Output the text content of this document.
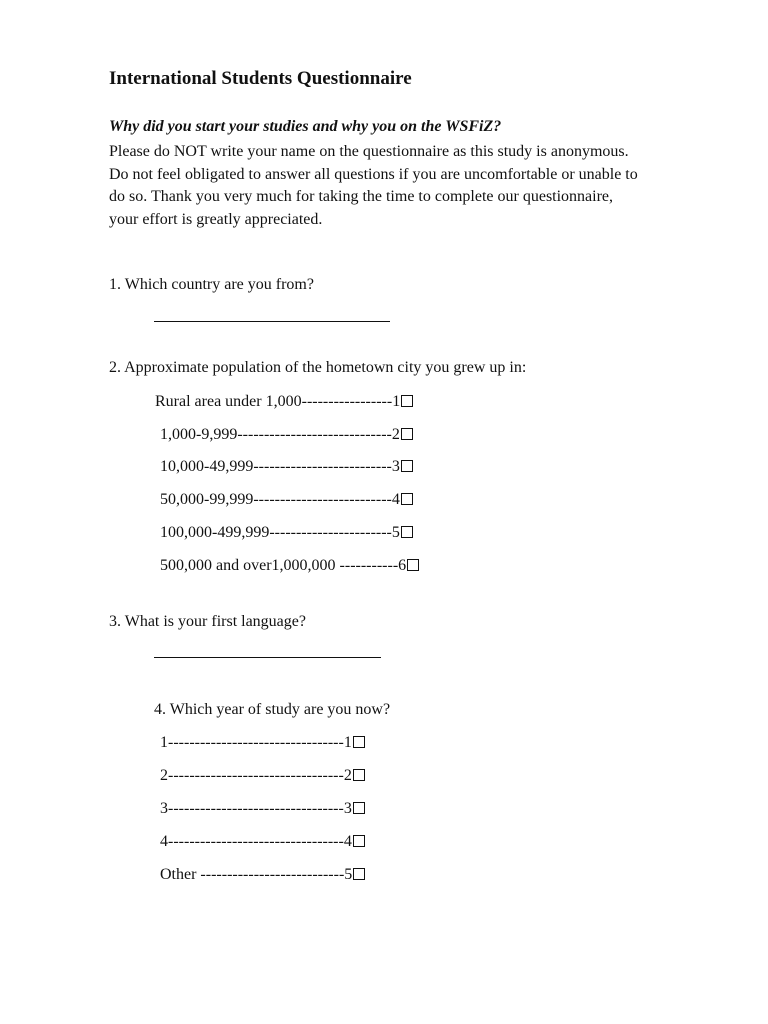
International Students Questionnaire
Why did you start your studies and why you on the WSFiZ?
Please do NOT write your name on the questionnaire as this study is anonymous.
Do not feel obligated to answer all questions if you are uncomfortable or unable to
do so. Thank you very much for taking the time to complete our questionnaire,
your effort is greatly appreciated.
1. Which country are you from?
2. Approximate population of the hometown city you grew up in:
Rural area under 1,000-----------------1
1,000-9,999-----------------------------2
10,000-49,999--------------------------3
50,000-99,999--------------------------4
100,000-499,999-----------------------5
500,000 and over1,000,000 -----------6
3. What is your first language?
4. Which year of study are you now?
1---------------------------------1
2---------------------------------2
3---------------------------------3
4---------------------------------4
Other ---------------------------5
